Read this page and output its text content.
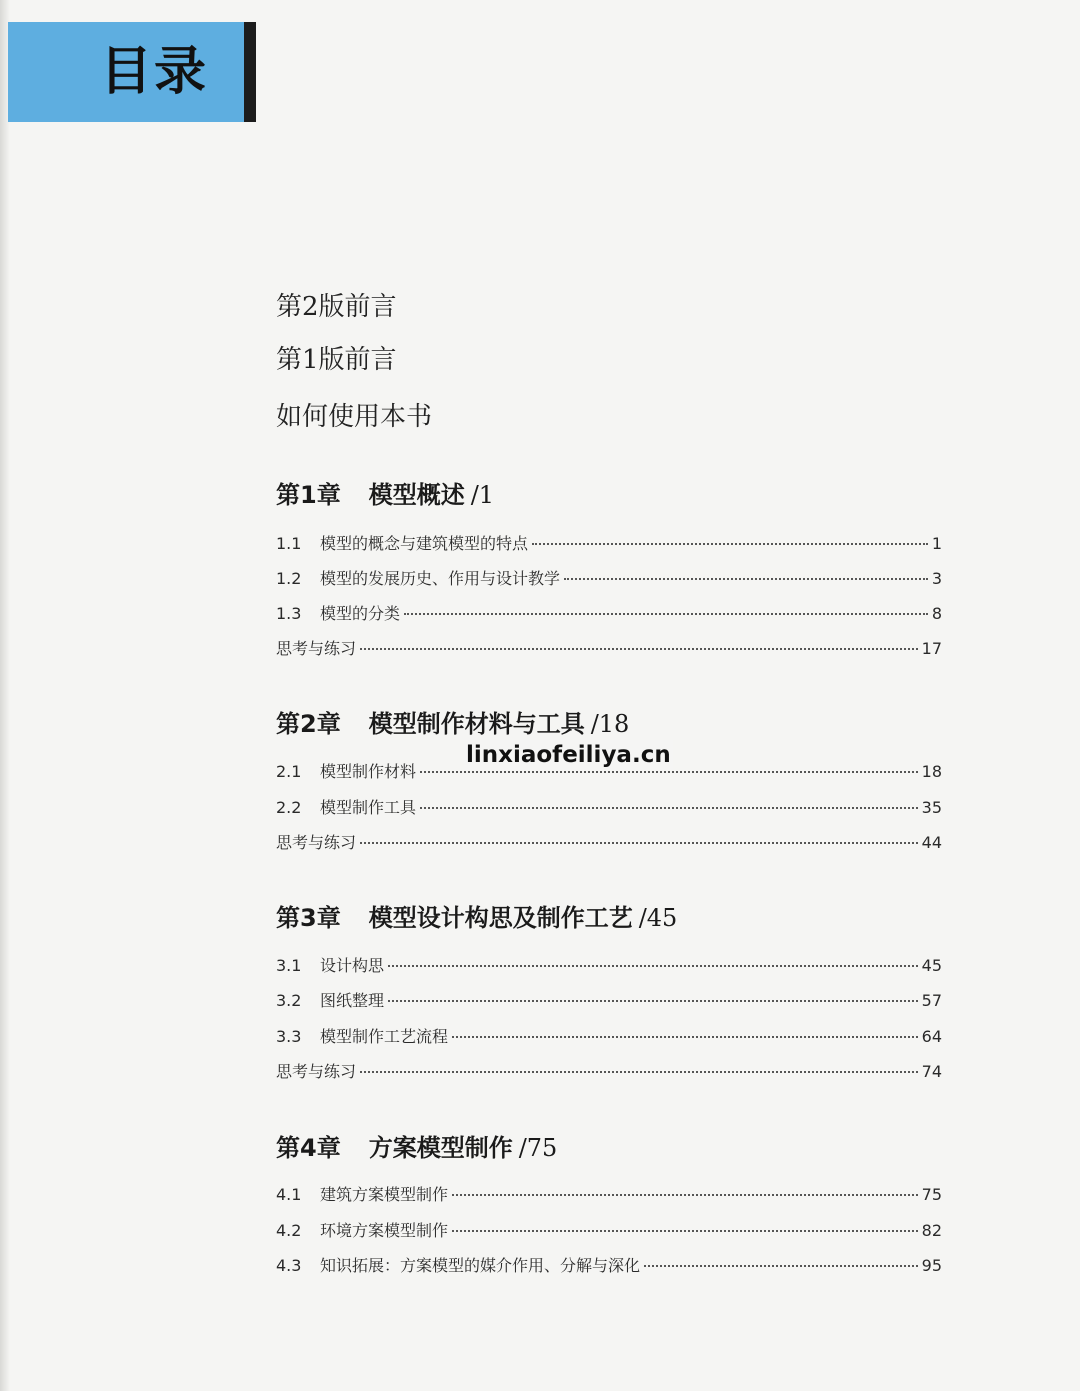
目录
第2版前言
第1版前言
如何使用本书
第1章 模型概述 /1
1.1	模型的概念与建筑模型的特点	1
1.2	模型的发展历史、作用与设计教学	3
1.3	模型的分类	8
思考与练习	17
第2章 模型制作材料与工具 /18
2.1	模型制作材料	18
2.2	模型制作工具	35
思考与练习	44
第3章 模型设计构思及制作工艺 /45
3.1	设计构思	45
3.2	图纸整理	57
3.3	模型制作工艺流程	64
思考与练习	74
第4章 方案模型制作 /75
4.1	建筑方案模型制作	75
4.2	环境方案模型制作	82
4.3	知识拓展：方案模型的媒介作用、分解与深化	95
linxiaofeiliya.cn
